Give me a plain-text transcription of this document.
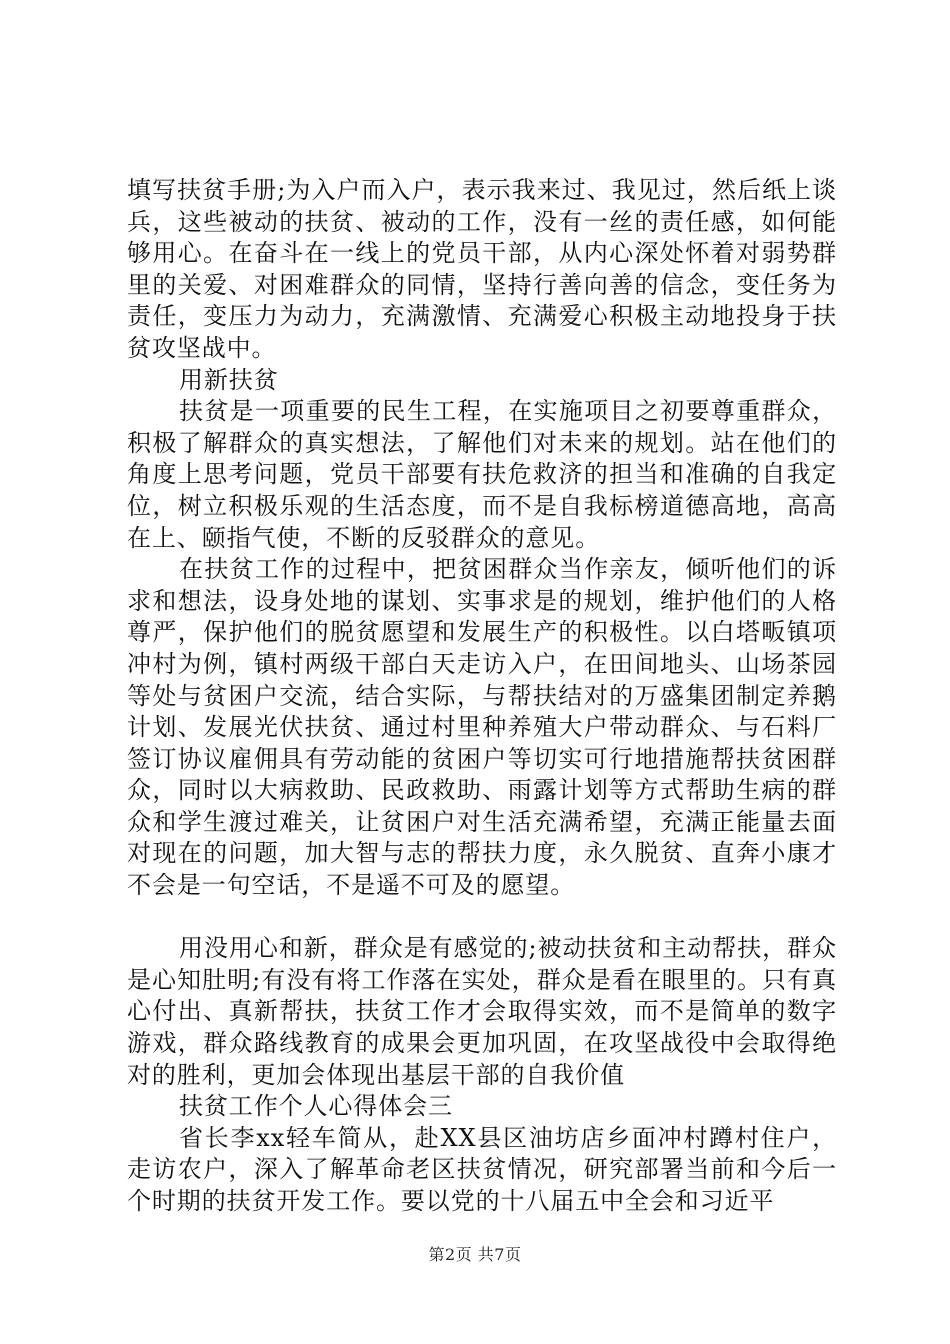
填写扶贫手册;为入户而入户，表示我来过、我见过，然后纸上谈兵，这些被动的扶贫、被动的工作，没有一丝的责任感，如何能够用心。在奋斗在一线上的党员干部，从内心深处怀着对弱势群里的关爱、对困难群众的同情，坚持行善向善的信念，变任务为责任，变压力为动力，充满激情、充满爱心积极主动地投身于扶贫攻坚战中。

用新扶贫

扶贫是一项重要的民生工程，在实施项目之初要尊重群众，积极了解群众的真实想法，了解他们对未来的规划。站在他们的角度上思考问题，党员干部要有扶危救济的担当和准确的自我定位，树立积极乐观的生活态度，而不是自我标榜道德高地，高高在上、颐指气使，不断的反驳群众的意见。

在扶贫工作的过程中，把贫困群众当作亲友，倾听他们的诉求和想法，设身处地的谋划、实事求是的规划，维护他们的人格尊严，保护他们的脱贫愿望和发展生产的积极性。以白塔畈镇项冲村为例，镇村两级干部白天走访入户，在田间地头、山场茶园等处与贫困户交流，结合实际，与帮扶结对的万盛集团制定养鹅计划、发展光伏扶贫、通过村里种养殖大户带动群众、与石料厂签订协议雇佣具有劳动能的贫困户等切实可行地措施帮扶贫困群众，同时以大病救助、民政救助、雨露计划等方式帮助生病的群众和学生渡过难关，让贫困户对生活充满希望，充满正能量去面对现在的问题，加大智与志的帮扶力度，永久脱贫、直奔小康才不会是一句空话，不是遥不可及的愿望。

用没用心和新，群众是有感觉的;被动扶贫和主动帮扶，群众是心知肚明;有没有将工作落在实处，群众是看在眼里的。只有真心付出、真新帮扶，扶贫工作才会取得实效，而不是简单的数字游戏，群众路线教育的成果会更加巩固，在攻坚战役中会取得绝对的胜利，更加会体现出基层干部的自我价值

扶贫工作个人心得体会三

省长李xx轻车简从，赴XX县区油坊店乡面冲村蹲村住户，走访农户，深入了解革命老区扶贫情况，研究部署当前和今后一个时期的扶贫开发工作。要以党的十八届五中全会和习近平

第2页 共7页
